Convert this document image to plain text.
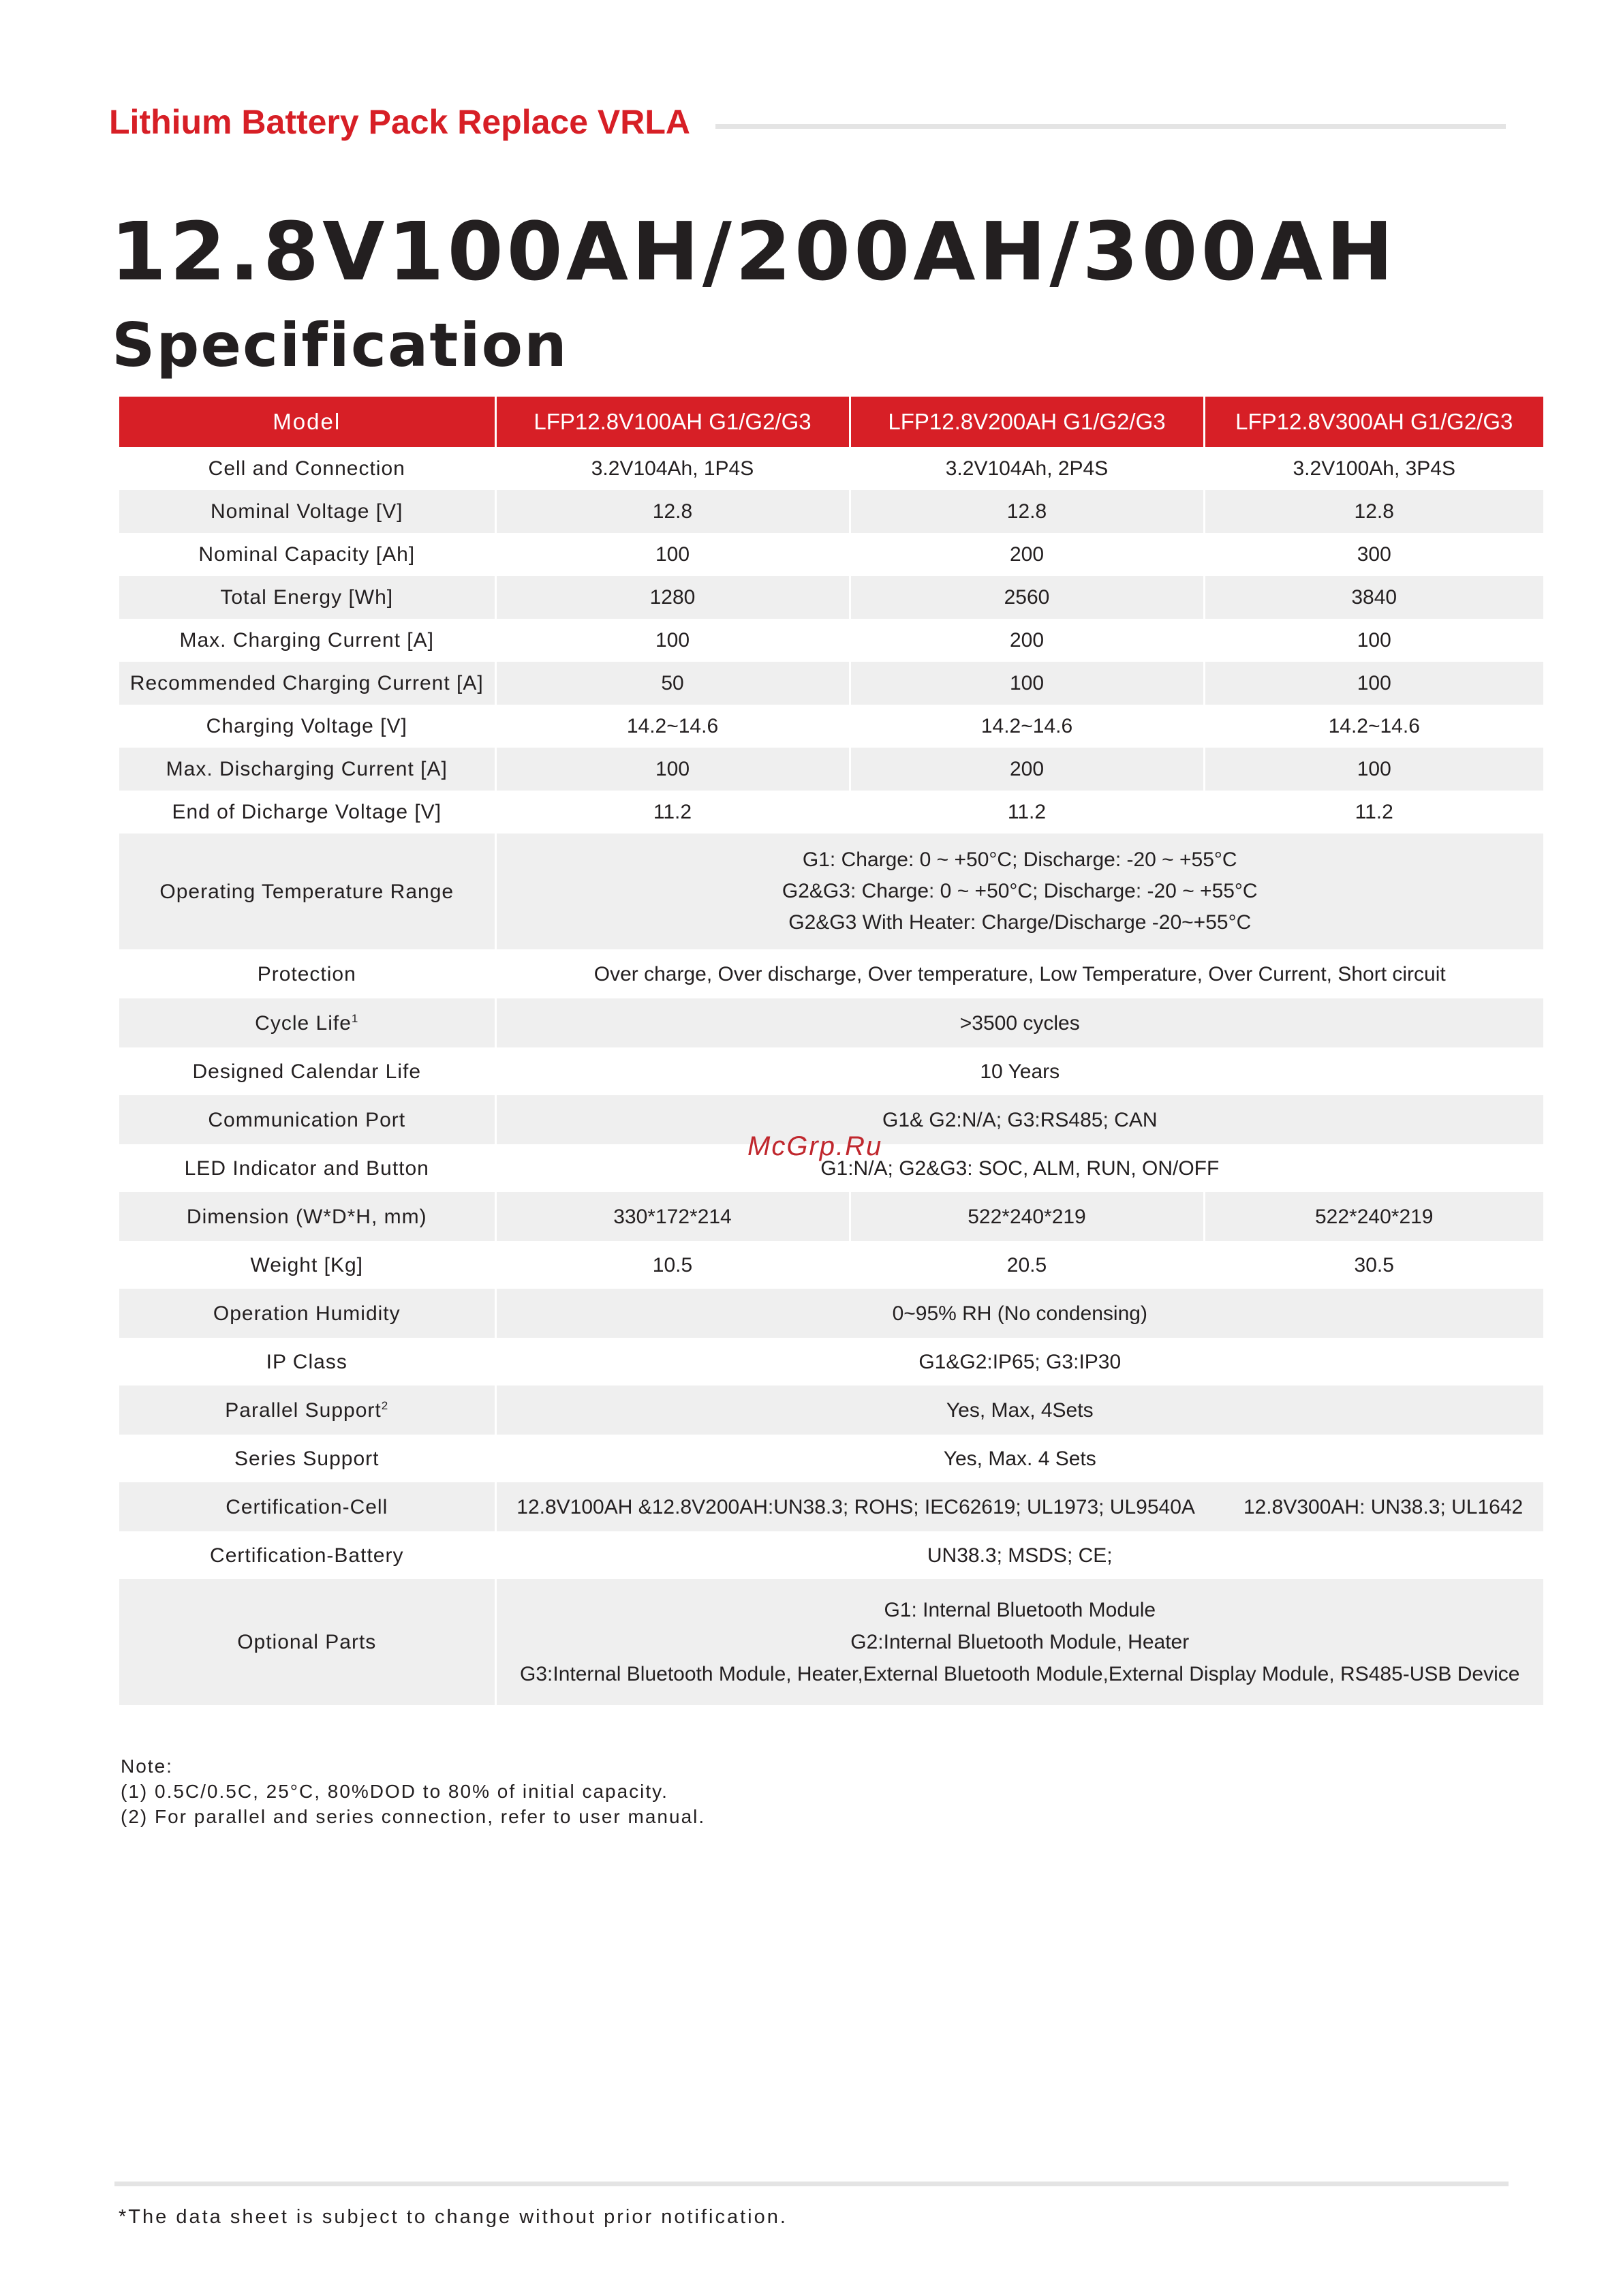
Lithium Battery Pack Replace VRLA
12.8V100AH/200AH/300AH
Specification
Model	LFP12.8V100AH G1/G2/G3	LFP12.8V200AH G1/G2/G3	LFP12.8V300AH G1/G2/G3
Cell and Connection	3.2V104Ah, 1P4S	3.2V104Ah, 2P4S	3.2V100Ah, 3P4S
Nominal Voltage [V]	12.8	12.8	12.8
Nominal Capacity [Ah]	100	200	300
Total Energy [Wh]	1280	2560	3840
Max. Charging Current [A]	100	200	100
Recommended Charging Current [A]	50	100	100
Charging Voltage [V]	14.2~14.6	14.2~14.6	14.2~14.6
Max. Discharging Current [A]	100	200	100
End of Dicharge Voltage [V]	11.2	11.2	11.2
Operating Temperature Range	G1: Charge: 0 ~ +50°C; Discharge: -20 ~ +55°C
G2&G3: Charge: 0 ~ +50°C; Discharge: -20 ~ +55°C
G2&G3 With Heater: Charge/Discharge -20~+55°C		

Protection	Over charge, Over discharge, Over temperature, Low Temperature, Over Current, Short circuit		
Cycle Life$^1$	>3500 cycles		
Designed Calendar Life	10 Years		
Communication Port	G1& G2:N/A; G3:RS485; CAN		
LED Indicator and Button	G1:N/A; G2&G3: SOC, ALM, RUN, ON/OFF		
Dimension (W*D*H, mm)	330*172*214	522*240*219	522*240*219
Weight [Kg]	10.5	20.5	30.5
Operation Humidity	0~95% RH (No condensing)		
IP Class	G1&G2:IP65; G3:IP30		
Parallel Support$^2$	Yes, Max, 4Sets		
Series Support	Yes, Max. 4 Sets		
Certification-Cell	12.8V100AH &12.8V200AH:UN38.3; ROHS; IEC62619; UL1973; UL9540A 12.8V300AH: UN38.3; UL1642		
Certification-Battery	UN38.3; MSDS; CE;		
Optional Parts	G1: Internal Bluetooth Module
G2:Internal Bluetooth Module, Heater
G3:Internal Bluetooth Module, Heater,External Bluetooth Module,External Display Module, RS485-USB Device		
McGrp.Ru
Note:
(1) 0.5C/0.5C, 25°C, 80%DOD to 80% of initial capacity.
(2) For parallel and series connection, refer to user manual.
*The data sheet is subject to change without prior notification.
